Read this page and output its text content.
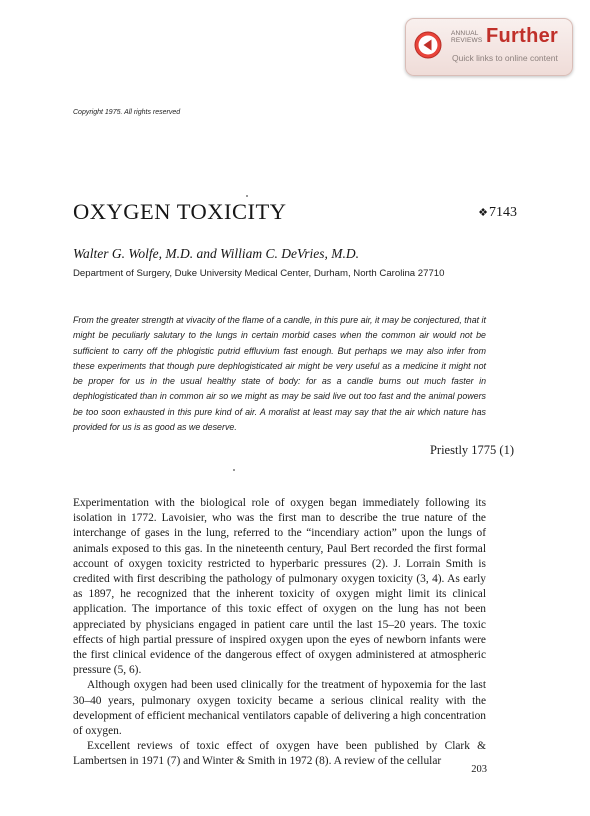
ANNUAL
REVIEWS Further
Quick links to online content
Copyright 1975. All rights reserved
OXYGEN TOXICITY	❖7143
Walter G. Wolfe, M.D. and William C. DeVries, M.D.
Department of Surgery, Duke University Medical Center, Durham, North Carolina 27710

From the greater strength at vivacity of the flame of a candle, in this pure air, it may be conjectured, that it might be peculiarly salutary to the lungs in certain morbid cases when the common air would not be sufficient to carry off the phlogistic putrid effluvium fast enough. But perhaps we may also infer from these experiments that though pure dephlogisticated air might be very useful as a medicine it might not be proper for us in the usual healthy state of body: for as a candle burns out much faster in dephlogisticated than in common air so we might as may be said live out too fast and the animal powers be too soon exhausted in this pure kind of air. A moralist at least may say that the air which nature has provided for us is as good as we deserve.

Priestly 1775 (1)

Experimentation with the biological role of oxygen began immediately following its isolation in 1772. Lavoisier, who was the first man to describe the true nature of the interchange of gases in the lung, referred to the “incendiary action” upon the lungs of animals exposed to this gas. In the nineteenth century, Paul Bert recorded the first formal account of oxygen toxicity restricted to hyperbaric pressures (2). J. Lorrain Smith is credited with first describing the pathology of pulmonary oxygen toxicity (3, 4). As early as 1897, he recognized that the inherent toxicity of oxygen might limit its clinical application. The importance of this toxic effect of oxygen on the lung has not been appreciated by physicians engaged in patient care until the last 15–20 years. The toxic effects of high partial pressure of inspired oxygen upon the eyes of newborn infants were the first clinical evidence of the dangerous effect of oxygen administered at atmospheric pressure (5, 6).

Although oxygen had been used clinically for the treatment of hypoxemia for the last 30–40 years, pulmonary oxygen toxicity became a serious clinical reality with the development of efficient mechanical ventilators capable of delivering a high concentration of oxygen.

Excellent reviews of toxic effect of oxygen have been published by Clark & Lambertsen in 1971 (7) and Winter & Smith in 1972 (8). A review of the cellular

203
